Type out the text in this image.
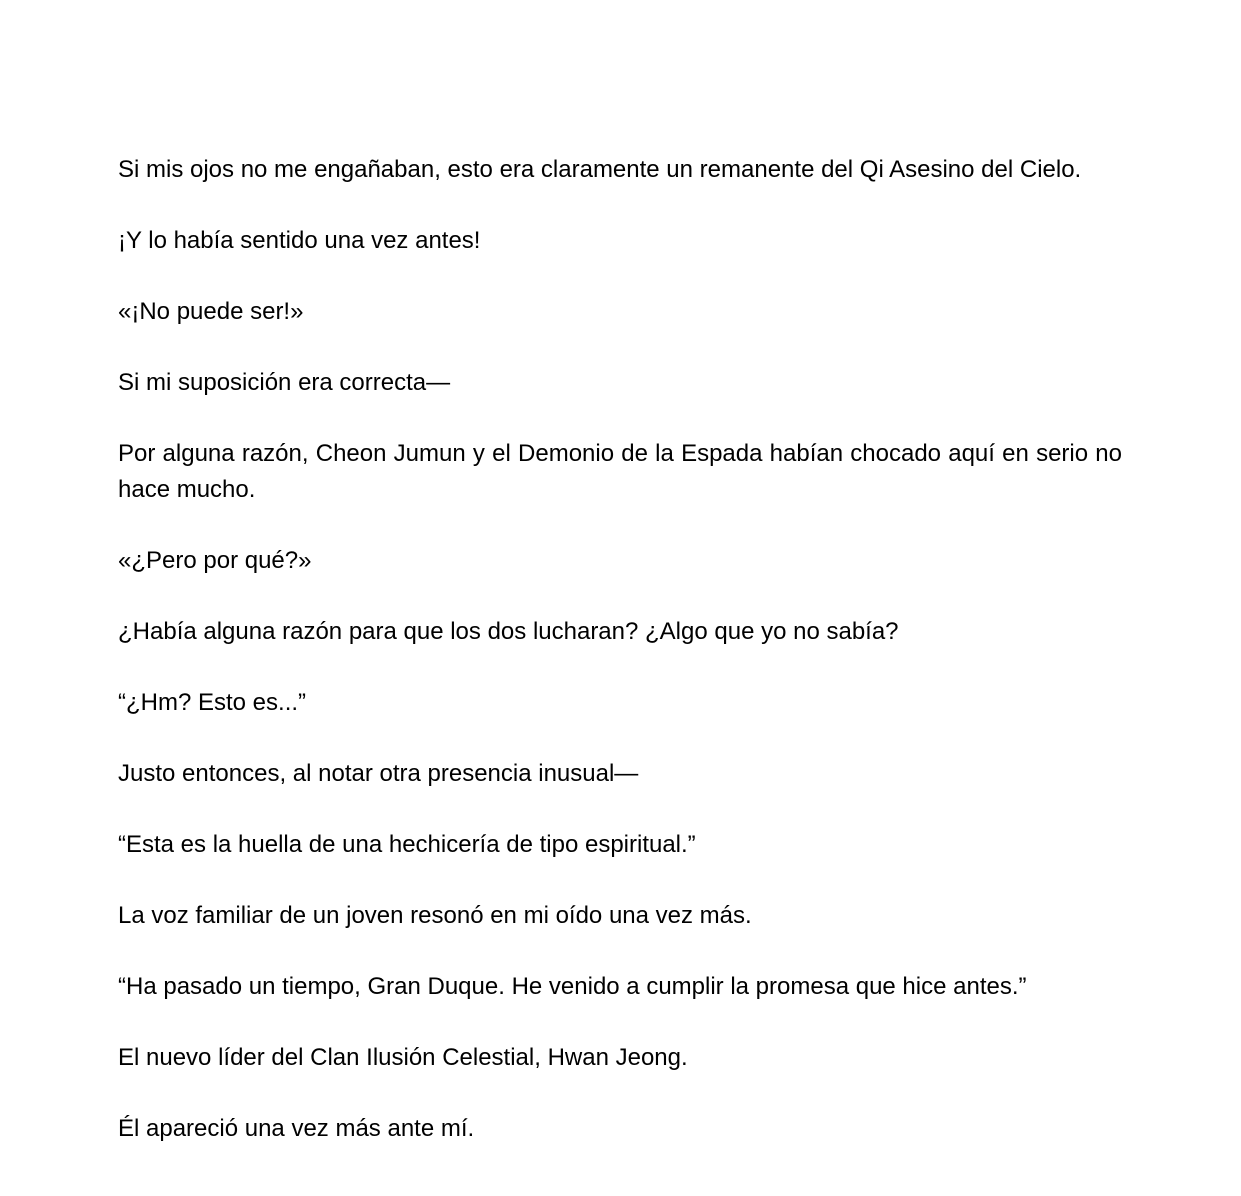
Si mis ojos no me engañaban, esto era claramente un remanente del Qi Asesino del Cielo.

¡Y lo había sentido una vez antes!

«¡No puede ser!»

Si mi suposición era correcta—

Por alguna razón, Cheon Jumun y el Demonio de la Espada habían chocado aquí en serio no hace mucho.

«¿Pero por qué?»

¿Había alguna razón para que los dos lucharan? ¿Algo que yo no sabía?

“¿Hm? Esto es...”

Justo entonces, al notar otra presencia inusual—

“Esta es la huella de una hechicería de tipo espiritual.”

La voz familiar de un joven resonó en mi oído una vez más.

“Ha pasado un tiempo, Gran Duque. He venido a cumplir la promesa que hice antes.”

El nuevo líder del Clan Ilusión Celestial, Hwan Jeong.

Él apareció una vez más ante mí.
